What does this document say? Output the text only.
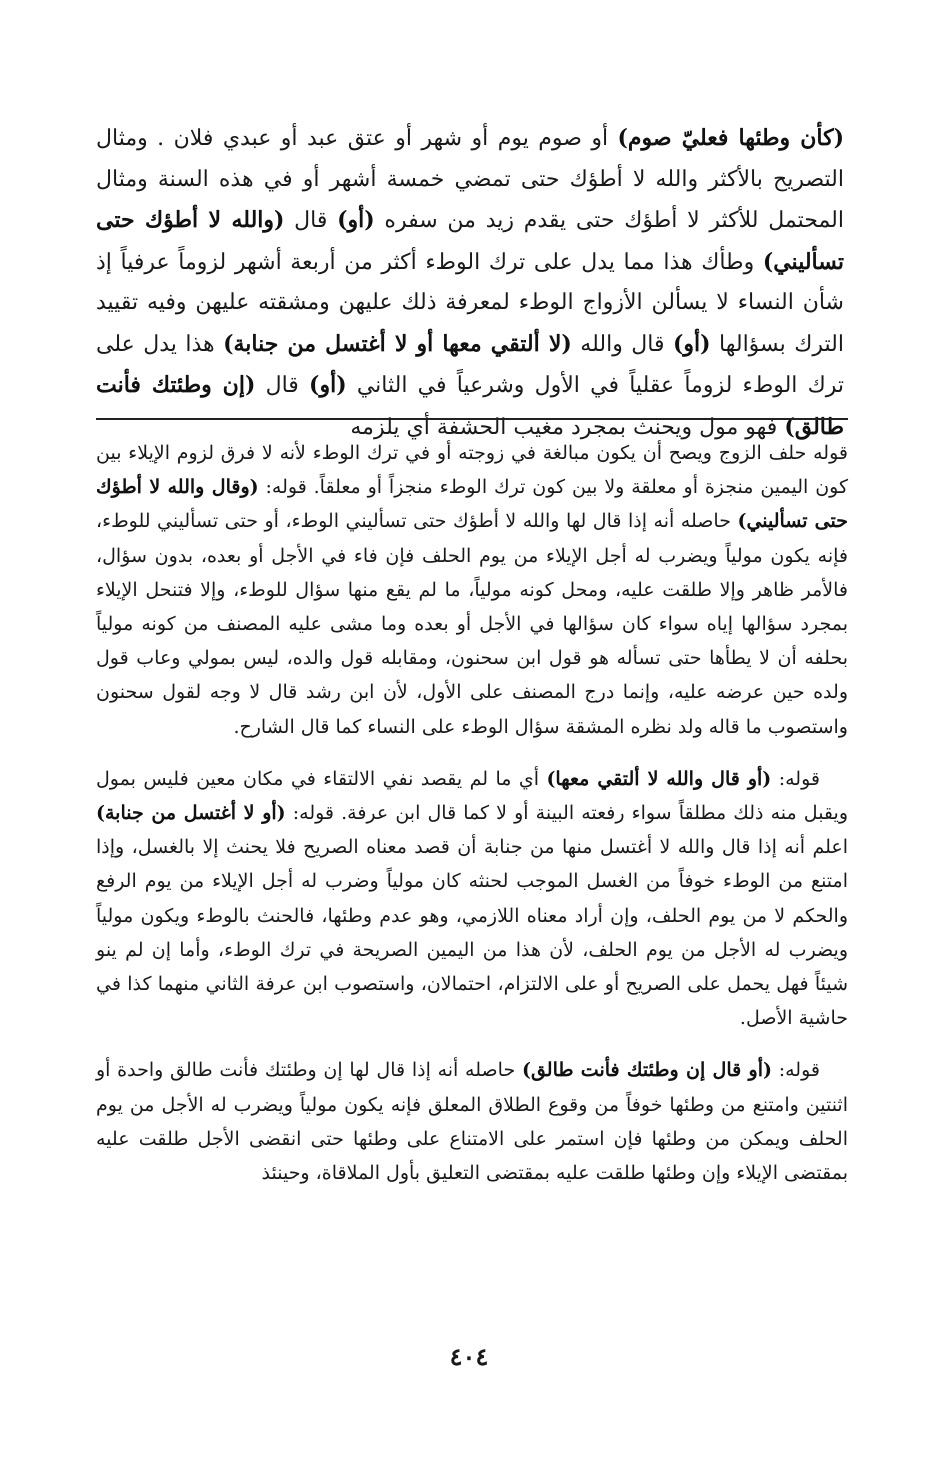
(كأن وطئها فعليّ صوم) أو صوم يوم أو شهر أو عتق عبد أو عبدي فلان . ومثال التصريح بالأكثر والله لا أطؤك حتى تمضي خمسة أشهر أو في هذه السنة ومثال المحتمل للأكثر لا أطؤك حتى يقدم زيد من سفره (أو) قال (والله لا أطؤك حتى تسأليني) وطأك هذا مما يدل على ترك الوطء أكثر من أربعة أشهر لزوماً عرفياً إذ شأن النساء لا يسألن الأزواج الوطء لمعرفة ذلك عليهن ومشقته عليهن وفيه تقييد الترك بسؤالها (أو) قال والله (لا ألتقي معها أو لا أغتسل من جنابة) هذا يدل على ترك الوطء لزوماً عقلياً في الأول وشرعياً في الثاني (أو) قال (إن وطئتك فأنت طالق) فهو مول ويحنث بمجرد مغيب الحشفة أي يلزمه

قوله حلف الزوج ويصح أن يكون مبالغة في زوجته أو في ترك الوطء لأنه لا فرق لزوم الإيلاء بين كون اليمين منجزة أو معلقة ولا بين كون ترك الوطء منجزاً أو معلقاً. قوله: (وقال والله لا أطؤك حتى تسأليني) حاصله أنه إذا قال لها والله لا أطؤك حتى تسأليني الوطء، أو حتى تسأليني للوطء، فإنه يكون مولياً ويضرب له أجل الإيلاء من يوم الحلف فإن فاء في الأجل أو بعده، بدون سؤال، فالأمر ظاهر وإلا طلقت عليه، ومحل كونه مولياً، ما لم يقع منها سؤال للوطء، وإلا فتنحل الإيلاء بمجرد سؤالها إياه سواء كان سؤالها في الأجل أو بعده وما مشى عليه المصنف من كونه مولياً بحلفه أن لا يطأها حتى تسأله هو قول ابن سحنون، ومقابله قول والده، ليس بمولي وعاب قول ولده حين عرضه عليه، وإنما درج المصنف على الأول، لأن ابن رشد قال لا وجه لقول سحنون واستصوب ما قاله ولد نظره المشقة سؤال الوطء على النساء كما قال الشارح.

قوله: (أو قال والله لا ألتقي معها) أي ما لم يقصد نفي الالتقاء في مكان معين فليس بمول ويقبل منه ذلك مطلقاً سواء رفعته البينة أو لا كما قال ابن عرفة. قوله: (أو لا أغتسل من جنابة) اعلم أنه إذا قال والله لا أغتسل منها من جنابة أن قصد معناه الصريح فلا يحنث إلا بالغسل، وإذا امتنع من الوطء خوفاً من الغسل الموجب لحنثه كان مولياً وضرب له أجل الإيلاء من يوم الرفع والحكم لا من يوم الحلف، وإن أراد معناه اللازمي، وهو عدم وطئها، فالحنث بالوطء ويكون مولياً ويضرب له الأجل من يوم الحلف، لأن هذا من اليمين الصريحة في ترك الوطء، وأما إن لم ينو شيئاً فهل يحمل على الصريح أو على الالتزام، احتمالان، واستصوب ابن عرفة الثاني منهما كذا في حاشية الأصل.

قوله: (أو قال إن وطئتك فأنت طالق) حاصله أنه إذا قال لها إن وطئتك فأنت طالق واحدة أو اثنتين وامتنع من وطئها خوفاً من وقوع الطلاق المعلق فإنه يكون مولياً ويضرب له الأجل من يوم الحلف ويمكن من وطئها فإن استمر على الامتناع على وطئها حتى انقضى الأجل طلقت عليه بمقتضى الإيلاء وإن وطئها طلقت عليه بمقتضى التعليق بأول الملاقاة، وحينئذ

٤٠٤
